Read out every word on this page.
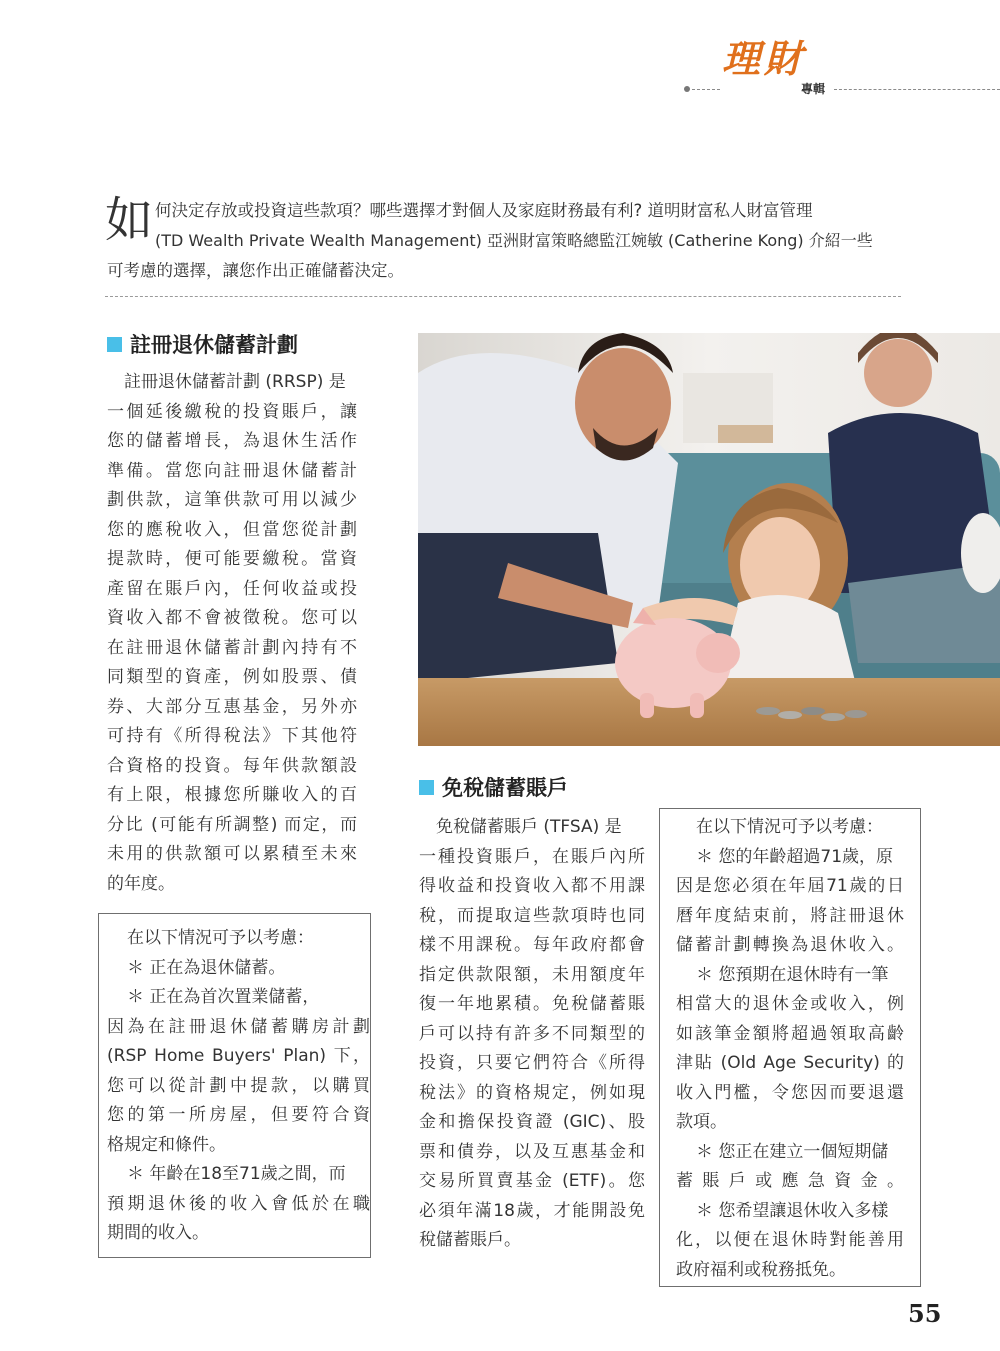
理財
專輯
如 何決定存放或投資這些款項？哪些選擇才對個人及家庭財務最有利? 道明財富私人財富管理
(TD Wealth Private Wealth Management) 亞洲財富策略總監江婉敏 (Catherine Kong) 介紹一些
可考慮的選擇，讓您作出正確儲蓄決定。
註冊退休儲蓄計劃
　註冊退休儲蓄計劃 (RRSP) 是
一個延後繳稅的投資賬戶，讓
您的儲蓄增長，為退休生活作
準備。當您向註冊退休儲蓄計
劃供款，這筆供款可用以減少
您的應稅收入，但當您從計劃
提款時，便可能要繳稅。當資
產留在賬戶內，任何收益或投
資收入都不會被徵稅。您可以
在註冊退休儲蓄計劃內持有不
同類型的資產，例如股票、債
券、大部分互惠基金，另外亦
可持有《所得稅法》下其他符
合資格的投資。每年供款額設
有上限，根據您所賺收入的百
分比 (可能有所調整) 而定，而
未用的供款額可以累積至未來
的年度。
在以下情況可予以考慮：
＊ 正在為退休儲蓄。
＊ 正在為首次置業儲蓄，
因為在註冊退休儲蓄購房計劃
(RSP Home Buyers' Plan) 下，
您可以從計劃中提款，以購買
您的第一所房屋，但要符合資
格規定和條件。
＊ 年齡在18至71歲之間，而
預期退休後的收入會低於在職
期間的收入。
免稅儲蓄賬戶
　免稅儲蓄賬戶 (TFSA) 是
一種投資賬戶，在賬戶內所
得收益和投資收入都不用課
稅，而提取這些款項時也同
樣不用課稅。每年政府都會
指定供款限額，未用額度年
復一年地累積。免稅儲蓄賬
戶可以持有許多不同類型的
投資，只要它們符合《所得
稅法》的資格規定，例如現
金和擔保投資證 (GIC)、股
票和債券，以及互惠基金和
交易所買賣基金 (ETF)。您
必須年滿18歲，才能開設免
稅儲蓄賬戶。
在以下情況可予以考慮：
＊ 您的年齡超過71歲，原
因是您必須在年屆71歲的日
曆年度結束前，將註冊退休
儲蓄計劃轉換為退休收入。
＊ 您預期在退休時有一筆
相當大的退休金或收入，例
如該筆金額將超過領取高齡
津貼 (Old Age Security) 的
收入門檻，令您因而要退還
款項。
＊ 您正在建立一個短期儲
蓄賬戶或應急資金。
＊ 您希望讓退休收入多樣
化，以便在退休時對能善用
政府福利或稅務抵免。
55
